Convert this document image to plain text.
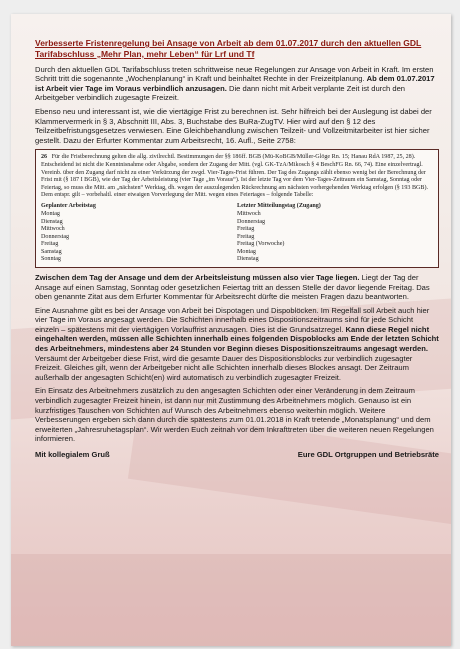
Verbesserte Fristenregelung bei Ansage von Arbeit ab dem 01.07.2017 durch den aktuellen GDL Tarifabschluss „Mehr Plan, mehr Leben“ für Lrf und Tf

Durch den aktuellen GDL Tarifabschluss treten schrittweise neue Regelungen zur Ansage von Arbeit in Kraft. Im ersten Schritt tritt die sogenannte „Wochenplanung“ in Kraft und beinhaltet Rechte in der Freizeitplanung. Ab dem 01.07.2017 ist Arbeit vier Tage im Voraus verbindlich anzusagen. Die dann nicht mit Arbeit verplante Zeit ist durch den Arbeitgeber verbindlich zugesagte Freizeit.

Ebenso neu und interessant ist, wie die viertägige Frist zu berechnen ist. Sehr hilfreich bei der Auslegung ist dabei der Klammervermerk in § 3, Abschnitt III, Abs. 3, Buchstabe des BuRa-ZugTV. Hier wird auf den § 12 des Teilzeitbefristungsgesetzes verwiesen. Eine Gleichbehandlung zwischen Teilzeit- und Vollzeitmitarbeiter ist hier sicher gestellt. Dazu der Erfurter Kommentar zum Arbeitsrecht, 16. Aufl., Seite 2758:

26 Für die Fristberechnung gelten die allg. zivilrechtl. Bestimmungen der §§ 186ff. BGB (Mü-KoBGB/Müller-Glöge Rn. 15; Hanau RdA 1987, 25, 28). Entscheidend ist nicht die Kenntnisnahme oder Abgabe, sondern der Zugang der Mitt. (vgl. GK-TzA/Mikosch § 4 BeschFG Rn. 66, 74). Eine einzelvertragl. Vereinb. über den Zugang darf nicht zu einer Verkürzung der zwgd. Vier-Tages-Frist führen. Der Tag des Zugangs zählt ebenso wenig bei der Berechnung der Frist mit (§ 187 I BGB), wie der Tag der Arbeitsleistung (vier Tage „im Voraus“). Ist der letzte Tag vor dem Vier-Tages-Zeitraum ein Samstag, Sonntag oder Feiertag, so muss die Mitt. am „nächsten“ Werktag, dh. wegen der auszulegenden Rückrechnung am nächsten vorhergehenden Werktag erfolgen (§ 193 BGB). Dem entspr. gilt – vorbehaltl. einer etwaigen Vorverlegung der Mitt. wegen eines Feiertages – folgende Tabelle:
Geplanter Arbeitstag
Montag
Dienstag
Mittwoch
Donnerstag
Freitag
Samstag
Sonntag
Letzter Mitteilungstag (Zugang)
Mittwoch
Donnerstag
Freitag
Freitag
Freitag (Vorwoche)
Montag
Dienstag

Zwischen dem Tag der Ansage und dem der Arbeitsleistung müssen also vier Tage liegen. Liegt der Tag der Ansage auf einen Samstag, Sonntag oder gesetzlichen Feiertag tritt an dessen Stelle der davor liegende Freitag. Das oben genannte Zitat aus dem Erfurter Kommentar für Arbeitsrecht dürfte die meisten Fragen dazu beantworten.

Eine Ausnahme gibt es bei der Ansage von Arbeit bei Dispotagen und Dispoblöcken. Im Regelfall soll Arbeit auch hier vier Tage im Voraus angesagt werden. Die Schichten innerhalb eines Dispositionszeitraums sind für jede Schicht einzeln – spätestens mit der viertägigen Vorlauffrist anzusagen. Dies ist die Grundsatzregel. Kann diese Regel nicht eingehalten werden, müssen alle Schichten innerhalb eines folgenden Dispoblocks am Ende der letzten Schicht des Arbeitnehmers, mindestens aber 24 Stunden vor Beginn dieses Dispositionszeitraums angesagt werden. Versäumt der Arbeitgeber diese Frist, wird die gesamte Dauer des Dispositionsblocks zur verbindlich zugesagter Freizeit. Gleiches gilt, wenn der Arbeitgeber nicht alle Schichten innerhalb dieses Blockes ansagt. Der Zeitraum außerhalb der angesagten Schicht(en) wird automatisch zu verbindlich zugesagter Freizeit.

Ein Einsatz des Arbeitnehmers zusätzlich zu den angesagten Schichten oder einer Veränderung in dem Zeitraum verbindlich zugesagter Freizeit hinein, ist dann nur mit Zustimmung des Arbeitnehmers möglich. Genauso ist ein kurzfristiges Tauschen von Schichten auf Wunsch des Arbeitnehmers ebenso weiterhin möglich. Weitere Verbesserungen ergeben sich dann durch die spätestens zum 01.01.2018 in Kraft tretende „Monatsplanung“ und dem erweiterten „Jahresruhetagsplan“. Wir werden Euch zeitnah vor dem Inkrafttreten über die weiteren neuen Regelungen informieren.

Mit kollegialem Gruß	Eure GDL Ortgruppen und Betriebsräte
